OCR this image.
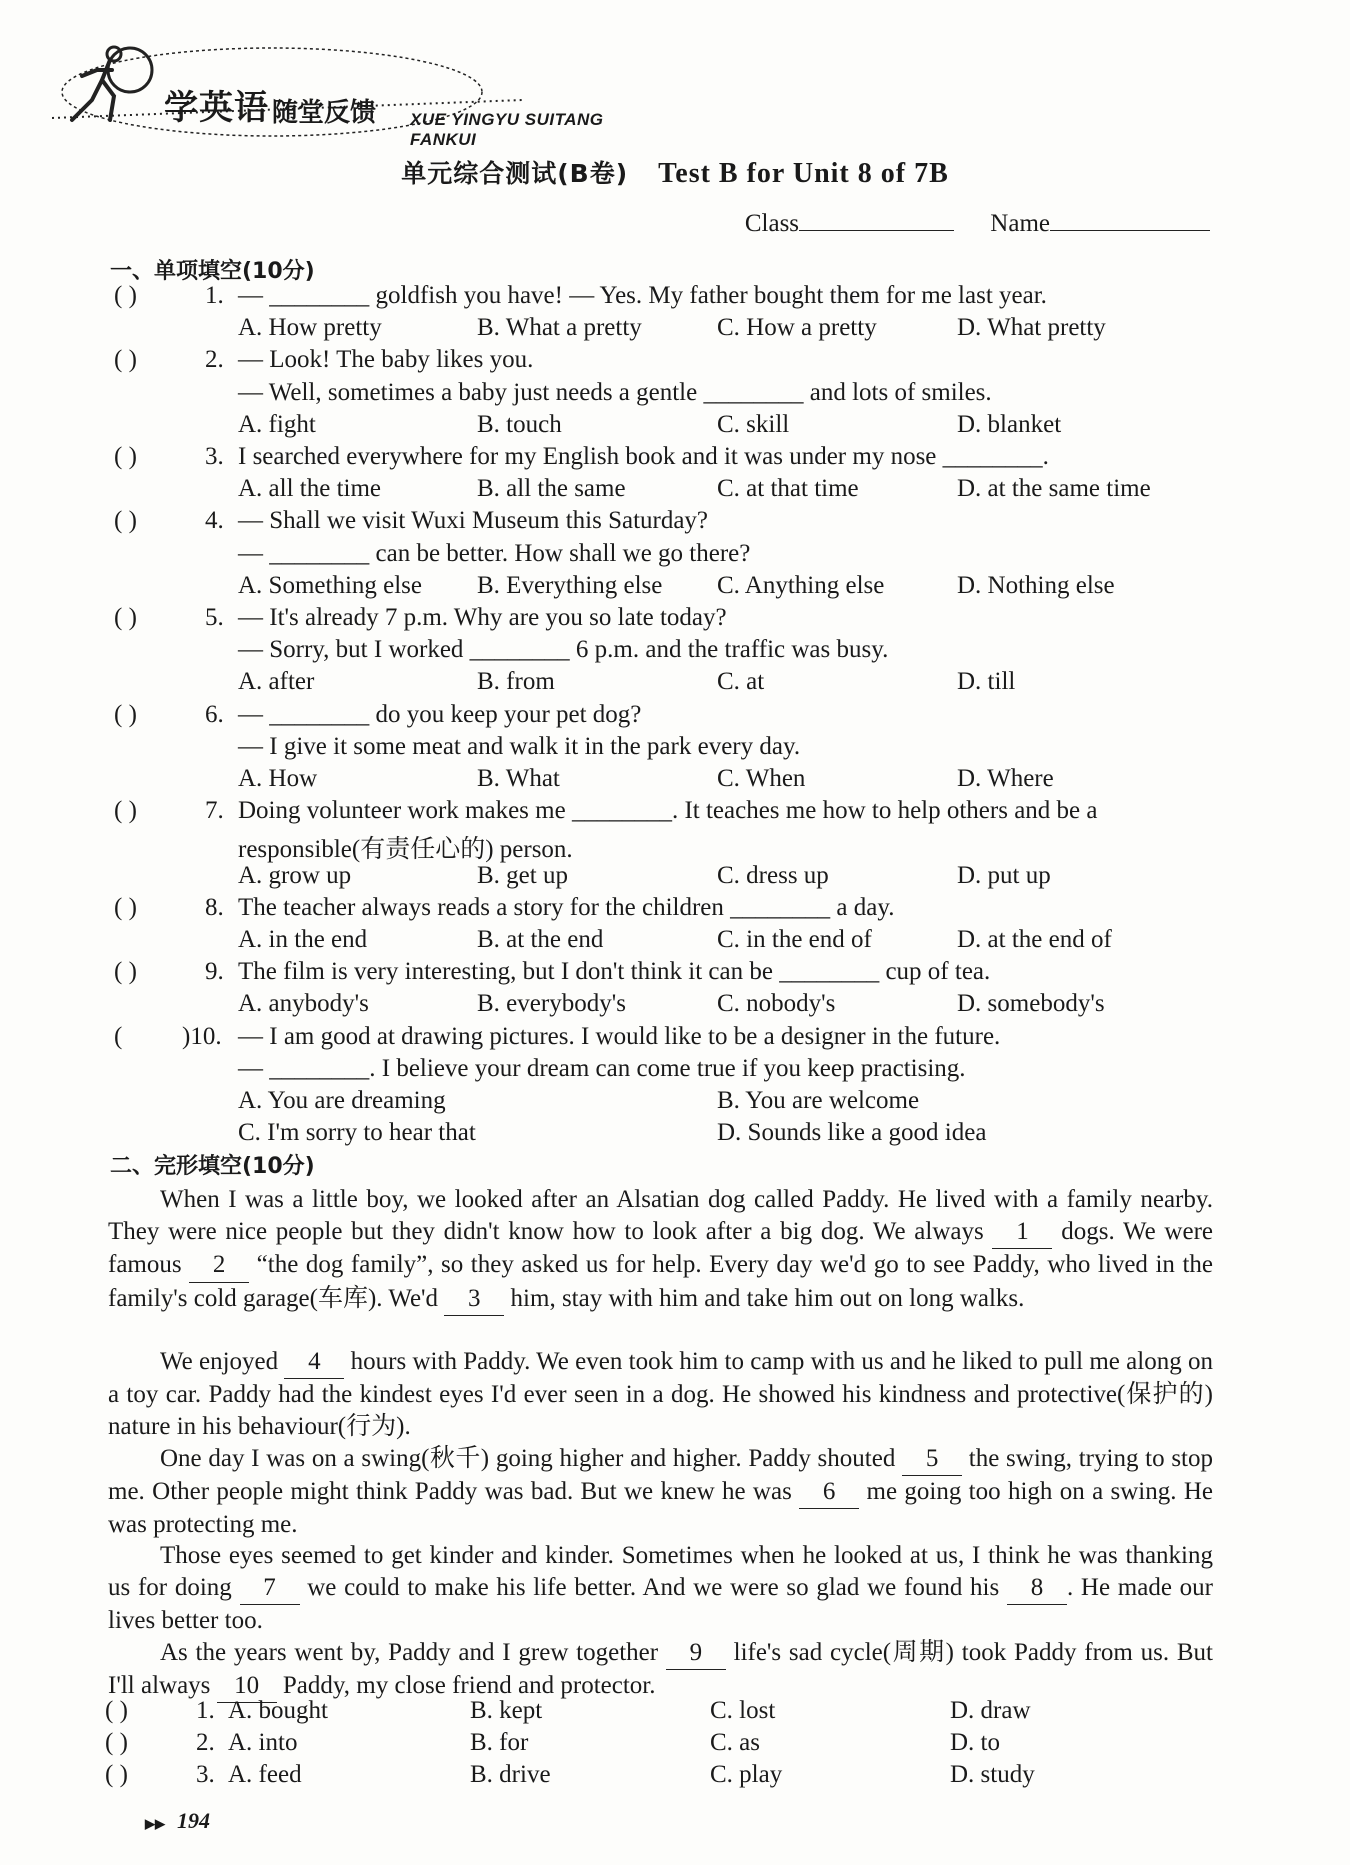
学英语 随堂反馈 XUE YINGYU SUITANG FANKUI
单元综合测试(B卷) Test B for Unit 8 of 7B
Class	Name
一、单项填空(10分)
( )	1. — ________ goldfish you have! — Yes. My father bought them for me last year.
A. How pretty	B. What a pretty	C. How a pretty	D. What pretty
( )	2. — Look! The baby likes you.
— Well, sometimes a baby just needs a gentle ________ and lots of smiles.
A. fight	B. touch	C. skill	D. blanket
( )	3. I searched everywhere for my English book and it was under my nose ________.
A. all the time	B. all the same	C. at that time	D. at the same time
( )	4. — Shall we visit Wuxi Museum this Saturday?
— ________ can be better. How shall we go there?
A. Something else B. Everything else C. Anything else	D. Nothing else
( )	5. — It's already 7 p.m. Why are you so late today?
— Sorry, but I worked ________ 6 p.m. and the traffic was busy.
A. after	B. from	C. at	D. till
( )	6. — ________ do you keep your pet dog?
— I give it some meat and walk it in the park every day.
A. How	B. What	C. When	D. Where
( )	7. Doing volunteer work makes me ________. It teaches me how to help others and be a
responsible(有责任心的) person.
A. grow up	B. get up	C. dress up	D. put up
( )	8. The teacher always reads a story for the children ________ a day.
A. in the end	B. at the end	C. in the end of	D. at the end of
( )	9. The film is very interesting, but I don't think it can be ________ cup of tea.
A. anybody's	B. everybody's	C. nobody's	D. somebody's
( )10. — I am good at drawing pictures. I would like to be a designer in the future.
— ________. I believe your dream can come true if you keep practising.
A. You are dreaming	B. You are welcome
C. I'm sorry to hear that	D. Sounds like a good idea
二、完形填空(10分)
When I was a little boy, we looked after an Alsatian dog called Paddy. He lived with a family nearby. They were nice people but they didn't know how to look after a big dog. We always 1 dogs. We were famous 2 “the dog family”, so they asked us for help. Every day we'd go to see Paddy, who lived in the family's cold garage(车库). We'd 3 him, stay with him and take him out on long walks.
We enjoyed 4 hours with Paddy. We even took him to camp with us and he liked to pull me along on a toy car. Paddy had the kindest eyes I'd ever seen in a dog. He showed his kindness and protective(保护的) nature in his behaviour(行为).
One day I was on a swing(秋千) going higher and higher. Paddy shouted 5 the swing, trying to stop me. Other people might think Paddy was bad. But we knew he was 6 me going too high on a swing. He was protecting me.
Those eyes seemed to get kinder and kinder. Sometimes when he looked at us, I think he was thanking us for doing 7 we could to make his life better. And we were so glad we found his 8 . He made our lives better too.
As the years went by, Paddy and I grew together 9 life's sad cycle(周期) took Paddy from us. But I'll always 10 Paddy, my close friend and protector.
( )	1. A. bought	B. kept	C. lost	D. draw
( )	2. A. into	B. for	C. as	D. to
( )	3. A. feed	B. drive	C. play	D. study
▶▶ 194
